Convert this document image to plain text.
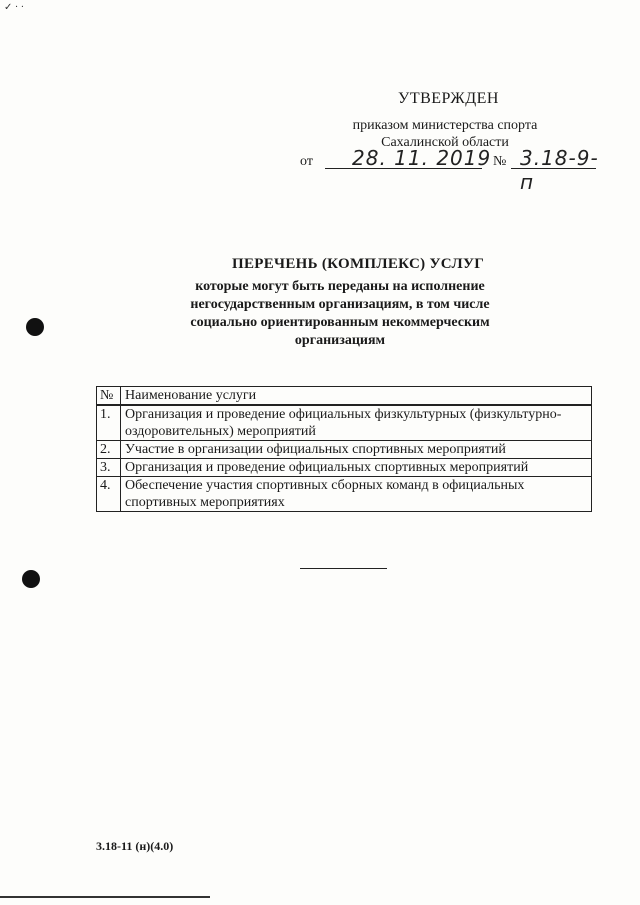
✓ · ·
УТВЕРЖДЕН
приказом министерства спорта
Сахалинской области
от 28. 11. 2019 № 3.18-9-п
ПЕРЕЧЕНЬ (КОМПЛЕКС) УСЛУГ
которые могут быть переданы на исполнение
негосударственным организациям, в том числе
социально ориентированным некоммерческим
организациям
№	Наименование услуги
1.	Организация и проведение официальных физкультурных (физкультурно-оздоровительных) мероприятий
2.	Участие в организации официальных спортивных мероприятий
3.	Организация и проведение официальных спортивных мероприятий
4.	Обеспечение участия спортивных сборных команд в официальных спортивных мероприятиях
3.18-11 (н)(4.0)
